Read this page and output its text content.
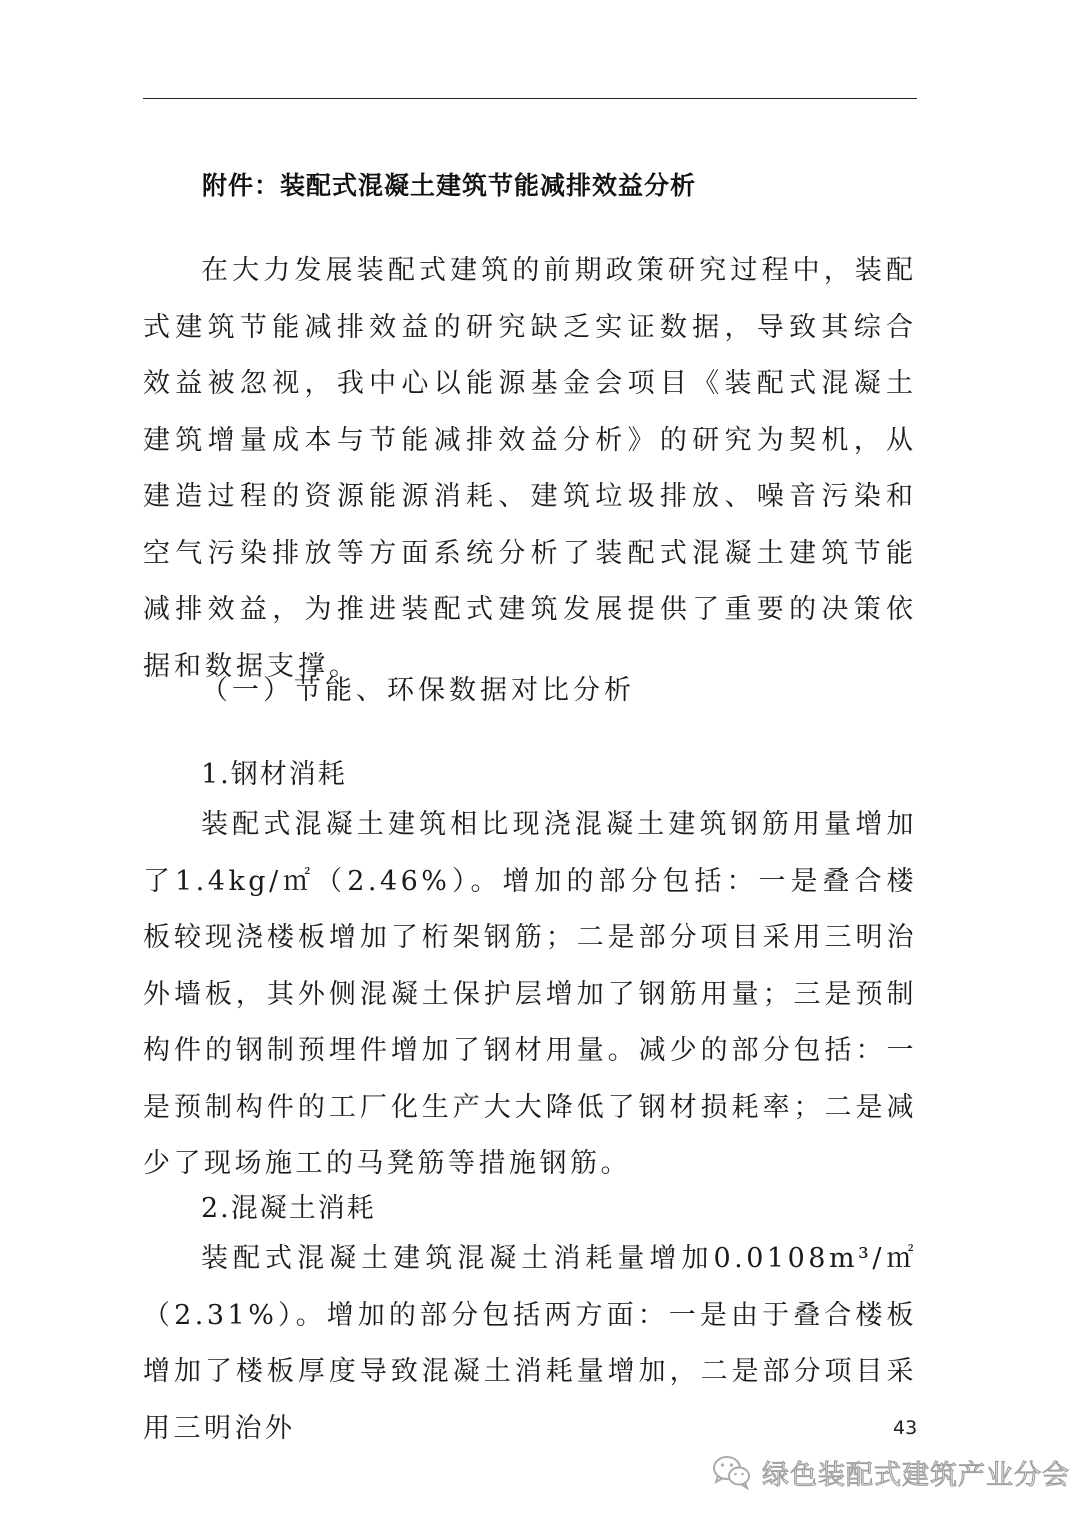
附件：装配式混凝土建筑节能减排效益分析

在大力发展装配式建筑的前期政策研究过程中，装配式建筑节能减排效益的研究缺乏实证数据，导致其综合效益被忽视，我中心以能源基金会项目《装配式混凝土建筑增量成本与节能减排效益分析》的研究为契机，从建造过程的资源能源消耗、建筑垃圾排放、噪音污染和空气污染排放等方面系统分析了装配式混凝土建筑节能减排效益，为推进装配式建筑发展提供了重要的决策依据和数据支撑。

（一）节能、环保数据对比分析
1.钢材消耗

装配式混凝土建筑相比现浇混凝土建筑钢筋用量增加了1.4kg/㎡（2.46%）。增加的部分包括：一是叠合楼板较现浇楼板增加了桁架钢筋；二是部分项目采用三明治外墙板，其外侧混凝土保护层增加了钢筋用量；三是预制构件的钢制预埋件增加了钢材用量。减少的部分包括：一是预制构件的工厂化生产大大降低了钢材损耗率；二是减少了现场施工的马凳筋等措施钢筋。

2.混凝土消耗

装配式混凝土建筑混凝土消耗量增加0.0108m³/㎡（2.31%）。增加的部分包括两方面：一是由于叠合楼板增加了楼板厚度导致混凝土消耗量增加，二是部分项目采用三明治外	43
绿色装配式建筑产业分会
